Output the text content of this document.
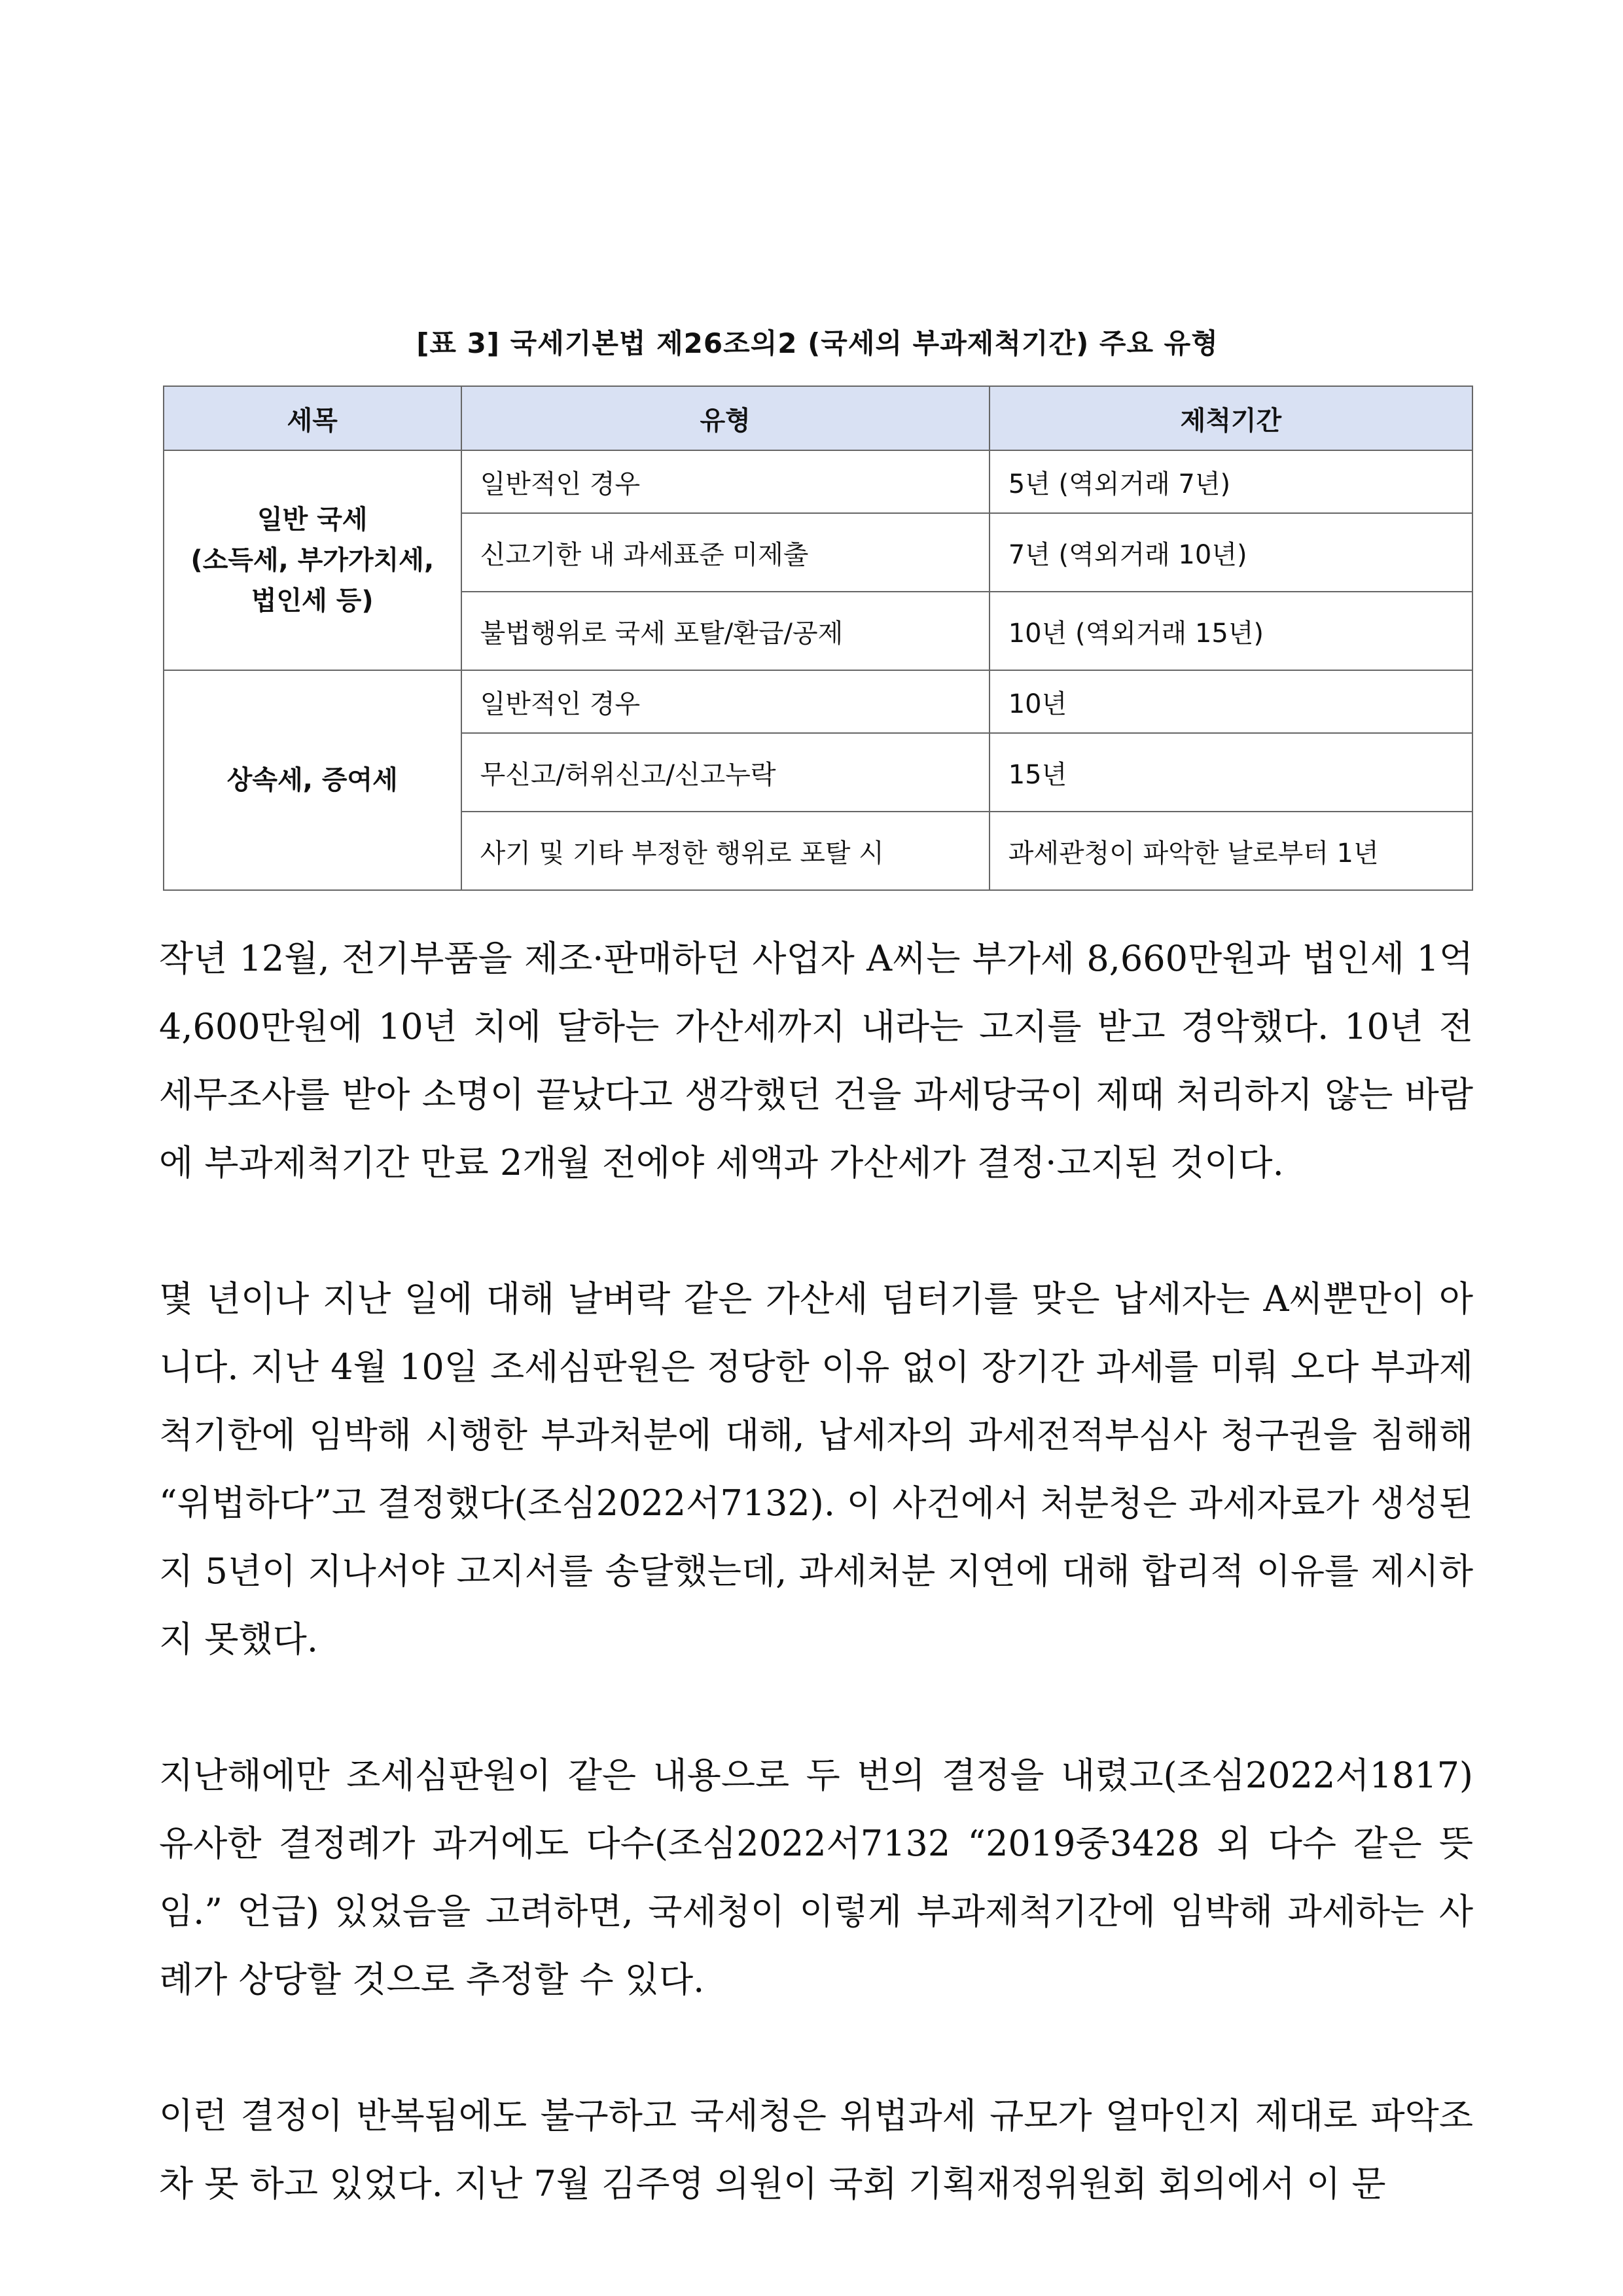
[표 3] 국세기본법 제26조의2 (국세의 부과제척기간) 주요 유형
세목	유형	제척기간

일반 국세
(소득세, 부가가치세,
법인세 등)	일반적인 경우	5년 (역외거래 7년)
	신고기한 내 과세표준 미제출	7년 (역외거래 10년)
	불법행위로 국세 포탈/환급/공제	10년 (역외거래 15년)
상속세, 증여세	일반적인 경우	10년
	무신고/허위신고/신고누락	15년
	사기 및 기타 부정한 행위로 포탈 시	과세관청이 파악한 날로부터 1년

작년 12월, 전기부품을 제조·판매하던 사업자 A씨는 부가세 8,660만원과 법인세 1억 4,600만원에 10년 치에 달하는 가산세까지 내라는 고지를 받고 경악했다. 10년 전 세무조사를 받아 소명이 끝났다고 생각했던 건을 과세당국이 제때 처리하지 않는 바람에 부과제척기간 만료 2개월 전에야 세액과 가산세가 결정·고지된 것이다.

몇 년이나 지난 일에 대해 날벼락 같은 가산세 덤터기를 맞은 납세자는 A씨뿐만이 아니다. 지난 4월 10일 조세심판원은 정당한 이유 없이 장기간 과세를 미뤄 오다 부과제척기한에 임박해 시행한 부과처분에 대해, 납세자의 과세전적부심사 청구권을 침해해 “위법하다”고 결정했다(조심2022서7132). 이 사건에서 처분청은 과세자료가 생성된 지 5년이 지나서야 고지서를 송달했는데, 과세처분 지연에 대해 합리적 이유를 제시하지 못했다.

지난해에만 조세심판원이 같은 내용으로 두 번의 결정을 내렸고(조심2022서1817) 유사한 결정례가 과거에도 다수(조심2022서7132 “2019중3428 외 다수 같은 뜻임.” 언급) 있었음을 고려하면, 국세청이 이렇게 부과제척기간에 임박해 과세하는 사례가 상당할 것으로 추정할 수 있다.

이런 결정이 반복됨에도 불구하고 국세청은 위법과세 규모가 얼마인지 제대로 파악조차 못 하고 있었다. 지난 7월 김주영 의원이 국회 기획재정위원회 회의에서 이 문
